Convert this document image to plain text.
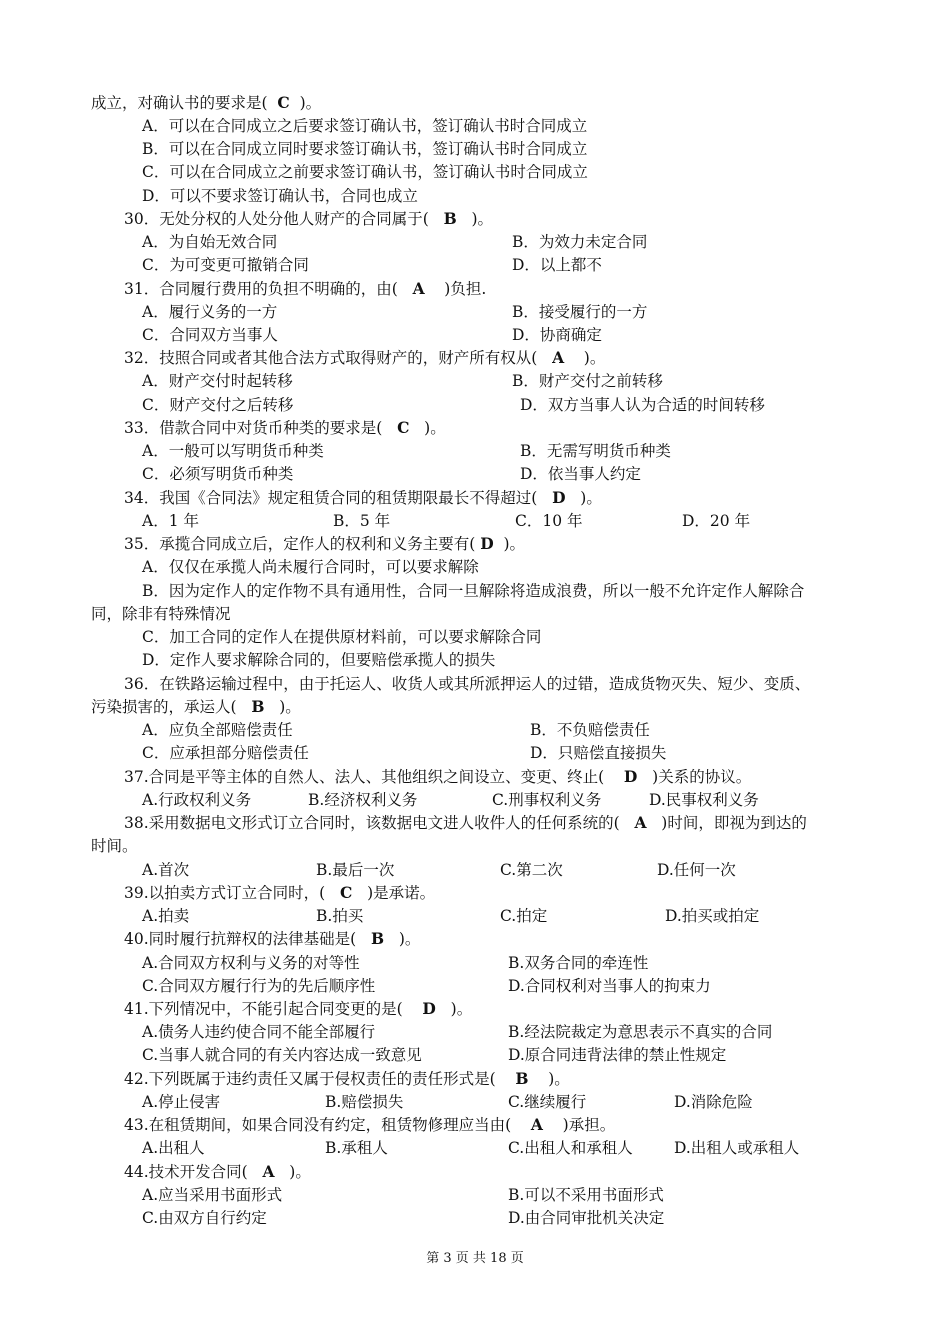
成立，对确认书的要求是(  C  )。
A．可以在合同成立之后要求签订确认书，签订确认书时合同成立
B．可以在合同成立同时要求签订确认书，签订确认书时合同成立
C．可以在合同成立之前要求签订确认书，签订确认书时合同成立
D．可以不要求签订确认书，合同也成立
30．无处分权的人处分他人财产的合同属于(   B   )。
A．为自始无效合同	B．为效力未定合同
C．为可变更可撤销合同	D．以上都不
31．合同履行费用的负担不明确的，由(   A    )负担.
A．履行义务的一方	B．接受履行的一方
C．合同双方当事人	D．协商确定
32．技照合同或者其他合法方式取得财产的，财产所有权从(   A    )。
A．财产交付时起转移	B．财产交付之前转移
C．财产交付之后转移	D．双方当事人认为合适的时间转移
33．借款合同中对货币种类的要求是(   C   )。
A．一般可以写明货币种类	B．无需写明货币种类
C．必须写明货币种类	D．依当事人约定
34．我国《合同法》规定租赁合同的租赁期限最长不得超过(   D   )。
A．1 年	B．5 年	C．10 年	D．20 年
35．承揽合同成立后，定作人的权利和义务主要有( D  )。
A．仅仅在承揽人尚未履行合同时，可以要求解除
B．因为定作人的定作物不具有通用性，合同一旦解除将造成浪费，所以一般不允许定作人解除合
同，除非有特殊情况
C．加工合同的定作人在提供原材料前，可以要求解除合同
D．定作人要求解除合同的，但要赔偿承揽人的损失
36．在铁路运输过程中，由于托运人、收货人或其所派押运人的过错，造成货物灭失、短少、变质、
污染损害的，承运人(   B   )。
A．应负全部赔偿责任	B．不负赔偿责任
C．应承担部分赔偿责任	D．只赔偿直接损失
37.合同是平等主体的自然人、法人、其他组织之间设立、变更、终止(    D   )关系的协议。
A.行政权利义务	B.经济权利义务	C.刑事权利义务	D.民事权利义务
38.采用数据电文形式订立合同时，该数据电文进人收件人的任何系统的(   A   )时间，即视为到达的
时间。
A.首次	B.最后一次	C.第二次	D.任何一次
39.以拍卖方式订立合同时，(   C   )是承诺。
A.拍卖	B.拍买	C.拍定	D.拍买或拍定
40.同时履行抗辩权的法律基础是(   B   )。
A.合同双方权利与义务的对等性	B.双务合同的牵连性
C.合同双方履行行为的先后顺序性	D.合同权利对当事人的拘束力
41.下列情况中，不能引起合同变更的是(    D   )。
A.债务人违约使合同不能全部履行	B.经法院裁定为意思表示不真实的合同
C.当事人就合同的有关内容达成一致意见	D.原合同违背法律的禁止性规定
42.下列既属于违约责任又属于侵权责任的责任形式是(    B    )。
A.停止侵害	B.赔偿损失	C.继续履行	D.消除危险
43.在租赁期间，如果合同没有约定，租赁物修理应当由(    A    )承担。
A.出租人	B.承租人	C.出租人和承租人	D.出租人或承租人
44.技术开发合同(   A   )。
A.应当采用书面形式	B.可以不采用书面形式
C.由双方自行约定	D.由合同审批机关决定
第 3 页 共 18 页
